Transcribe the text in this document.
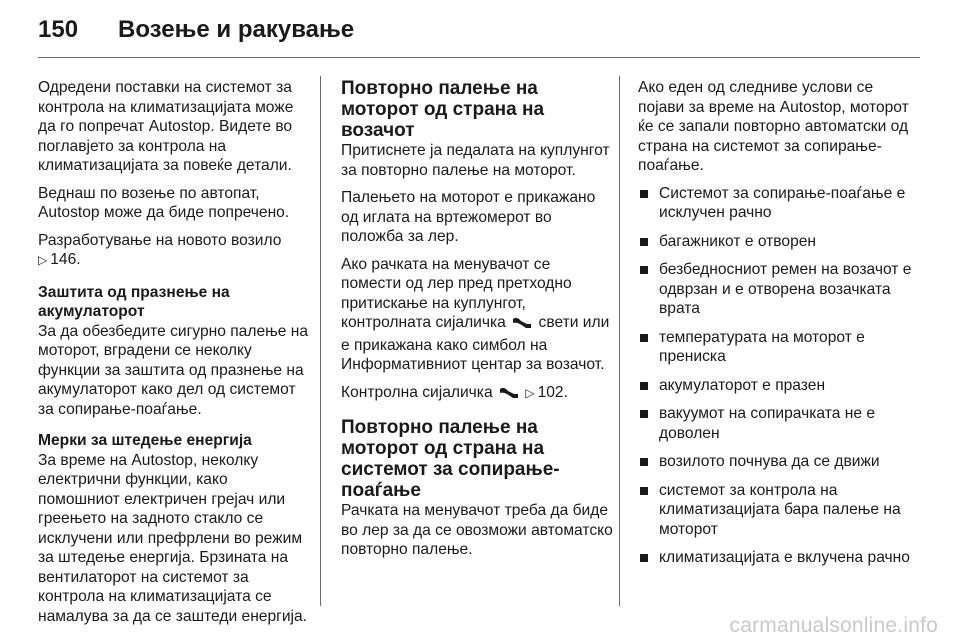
150	Возење и ракување

Одредени поставки на системот за контрола на климатизацијата може да го попречат Autostop. Видете во поглавјето за контрола на климатизацијата за повеќе детали.

Веднаш по возење по автопат, Autostop може да биде попречено.

Разработување на новото возило
▷ 146.

Заштита од празнење на акумулаторот

За да обезбедите сигурно палење на моторот, вградени се неколку функции за заштита од празнење на акумулаторот како дел од системот за сопирање-поаѓање.

Мерки за штедење енергија

За време на Autostop, неколку електрични функции, како помошниот електричен грејач или греењето на задното стакло се исклучени или префрлени во режим за штедење енергија. Брзината на вентилаторот на системот за контрола на климатизацијата се намалува за да се заштеди енергија.

Повторно палење на моторот од страна на возачот

Притиснете ја педалата на куплунгот за повторно палење на моторот.

Палењето на моторот е прикажано од иглата на вртежомерот во положба за лер.

Ако рачката на менувачот се помести од лер пред претходно притискање на куплунгот, контролната сијаличка свети или е прикажана како симбол на Информативниот центар за возачот.

Контролна сијаличка	▷ 102.

Повторно палење на моторот од страна на системот за сопирање-поаѓање

Рачката на менувачот треба да биде во лер за да се овозможи автоматско повторно палење.

Ако еден од следниве услови се појави за време на Autostop, моторот ќе се запали повторно автоматски од страна на системот за сопирање-поаѓање.

Системот за сопирање-поаѓање е исклучен рачно
багажникот е отворен
безбедносниот ремен на возачот е одврзан и е отворена возачката врата
температурата на моторот е прениска
акумулаторот е празен
вакуумот на сопирачката не е доволен
возилото почнува да се движи
системот за контрола на климатизацијата бара палење на моторот
климатизацијата е вклучена рачно
carmanualsonline.info
